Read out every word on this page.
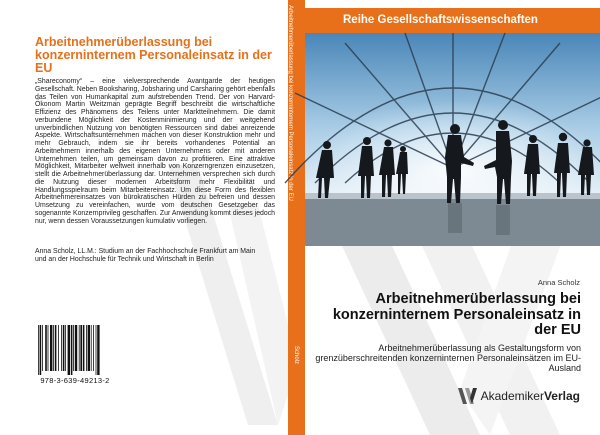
Arbeitnehmerüberlassung bei konzerninternem Personaleinsatz in der EU

„Shareconomy“ – eine vielversprechende Avantgarde der heutigen Gesellschaft. Neben Booksharing, Jobsharing und Carsharing gehört ebenfalls das Teilen von Humankapital zum aufstrebenden Trend. Der von Harvard-Ökonom Martin Weitzman geprägte Begriff beschreibt die wirtschaftliche Effizienz des Phänomens des Teilens unter Marktteilnehmern. Die damit verbundene Möglichkeit der Kostenminimierung und der weitgehend unverbindlichen Nutzung von benötigten Ressourcen sind dabei anreizende Aspekte. Wirtschaftsunternehmen machen von dieser Konstruktion mehr und mehr Gebrauch, indem sie ihr bereits vorhandenes Potential an Arbeitnehmern innerhalb des eigenen Unternehmens oder mit anderen Unternehmen teilen, um gemeinsam davon zu profitieren. Eine attraktive Möglichkeit, Mitarbeiter weltweit innerhalb von Konzerngrenzen einzusetzen, stellt die Arbeitnehmerüberlassung dar. Unternehmen versprechen sich durch die Nutzung dieser modernen Arbeitsform mehr Flexibilität und Handlungsspielraum beim Mitarbeitereinsatz. Um diese Form des flexiblen Arbeitnehmereinsatzes von bürokratischen Hürden zu befreien und dessen Umsetzung zu vereinfachen, wurde vom deutschen Gesetzgeber das sogenannte Konzernprivileg geschaffen. Zur Anwendung kommt dieses jedoch nur, wenn dessen Voraussetzungen kumulativ vorliegen.

Anna Scholz, LL.M.: Studium an der Fachhochschule Frankfurt am Main
und an der Hochschule für Technik und Wirtschaft in Berlin
978-3-639-49213-2
Arbeitnehmerüberlassung bei konzerninternem Personaleinsatz in der EU
Scholz
Reihe Gesellschaftswissenschaften
Anna Scholz
Arbeitnehmerüberlassung bei konzerninternem Personaleinsatz in der EU
Arbeitnehmerüberlassung als Gestaltungsform von grenzüberschreitenden konzerninternen Personaleinsätzen im EU-Ausland
AkademikerVerlag
